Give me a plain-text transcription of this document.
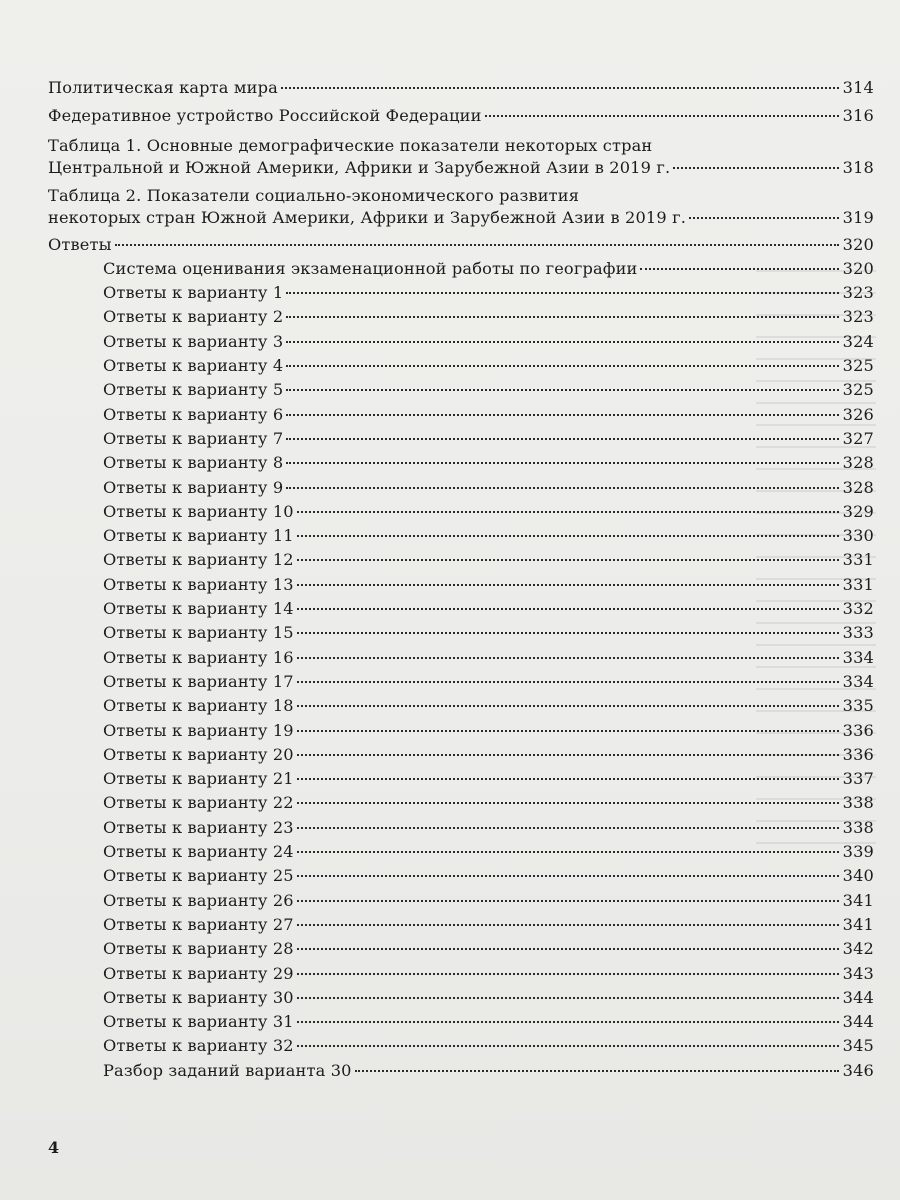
Политическая карта мира	314
Федеративное устройство Российской Федерации	316
Таблица 1. Основные демографические показатели некоторых стран
Центральной и Южной Америки, Африки и Зарубежной Азии в 2019 г.	318
Таблица 2. Показатели социально-экономического развития
некоторых стран Южной Америки, Африки и Зарубежной Азии в 2019 г.	319
Ответы	320
Система оценивания экзаменационной работы по географии	320
Ответы к варианту 1	323
Ответы к варианту 2	323
Ответы к варианту 3	324
Ответы к варианту 4	325
Ответы к варианту 5	325
Ответы к варианту 6	326
Ответы к варианту 7	327
Ответы к варианту 8	328
Ответы к варианту 9	328
Ответы к варианту 10	329
Ответы к варианту 11	330
Ответы к варианту 12	331
Ответы к варианту 13	331
Ответы к варианту 14	332
Ответы к варианту 15	333
Ответы к варианту 16	334
Ответы к варианту 17	334
Ответы к варианту 18	335
Ответы к варианту 19	336
Ответы к варианту 20	336
Ответы к варианту 21	337
Ответы к варианту 22	338
Ответы к варианту 23	338
Ответы к варианту 24	339
Ответы к варианту 25	340
Ответы к варианту 26	341
Ответы к варианту 27	341
Ответы к варианту 28	342
Ответы к варианту 29	343
Ответы к варианту 30	344
Ответы к варианту 31	344
Ответы к варианту 32	345
Разбор заданий варианта 30	346
4
